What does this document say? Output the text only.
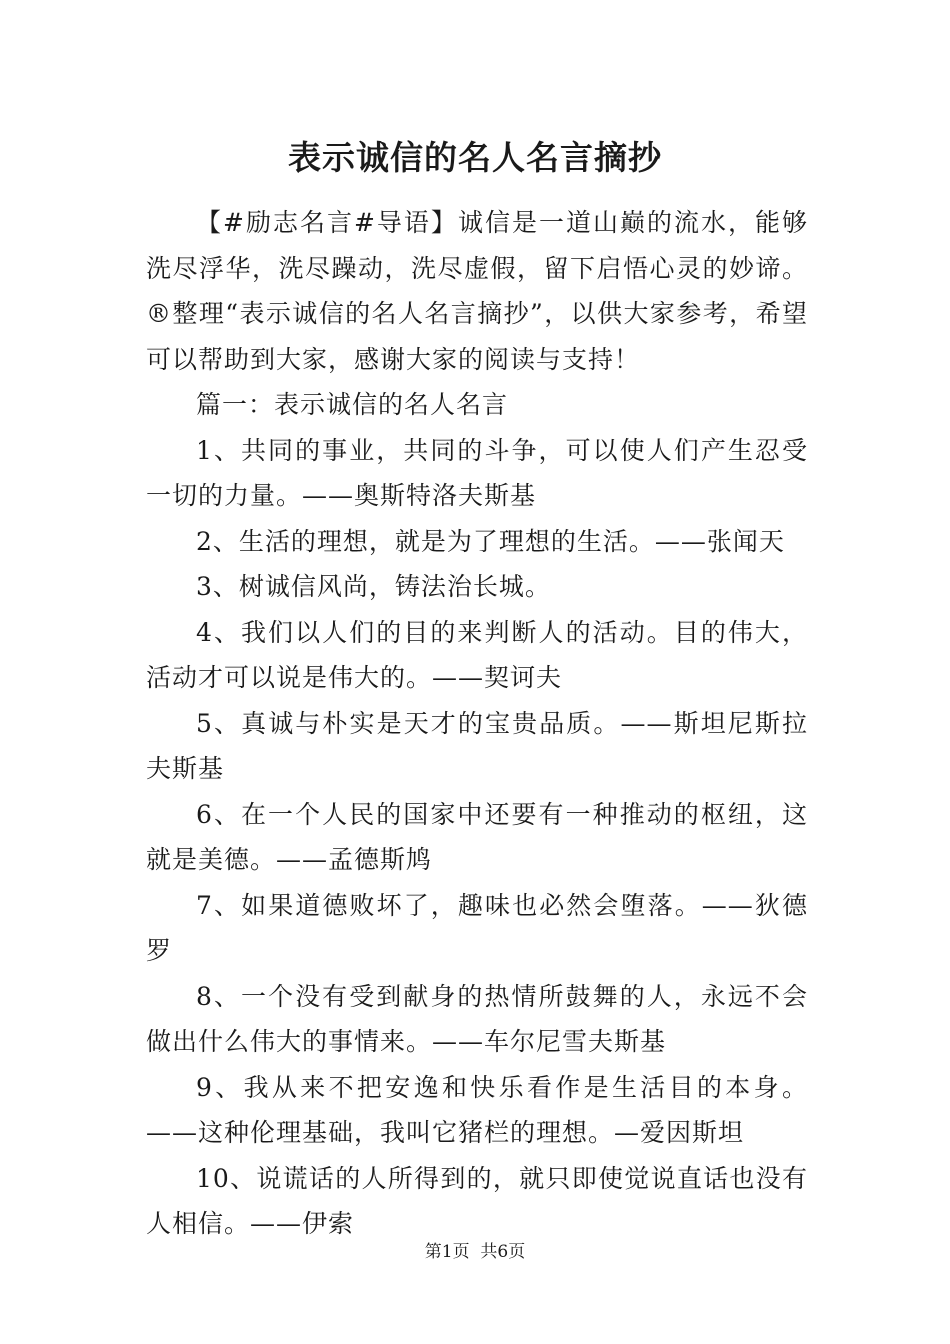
表示诚信的名人名言摘抄

【#励志名言#导语】诚信是一道山巅的流水，能够洗尽浮华，洗尽躁动，洗尽虚假，留下启悟心灵的妙谛。®整理“表示诚信的名人名言摘抄”，以供大家参考，希望可以帮助到大家，感谢大家的阅读与支持！

篇一：表示诚信的名人名言

1、共同的事业，共同的斗争，可以使人们产生忍受一切的力量。——奥斯特洛夫斯基

2、生活的理想，就是为了理想的生活。——张闻天

3、树诚信风尚，铸法治长城。

4、我们以人们的目的来判断人的活动。目的伟大，活动才可以说是伟大的。——契诃夫

5、真诚与朴实是天才的宝贵品质。——斯坦尼斯拉夫斯基

6、在一个人民的国家中还要有一种推动的枢纽，这就是美德。——孟德斯鸠

7、如果道德败坏了，趣味也必然会堕落。——狄德罗

8、一个没有受到献身的热情所鼓舞的人，永远不会做出什么伟大的事情来。——车尔尼雪夫斯基

9、我从来不把安逸和快乐看作是生活目的本身。——这种伦理基础，我叫它猪栏的理想。—爱因斯坦

10、说谎话的人所得到的，就只即使觉说直话也没有人相信。——伊索

第1页  共6页
